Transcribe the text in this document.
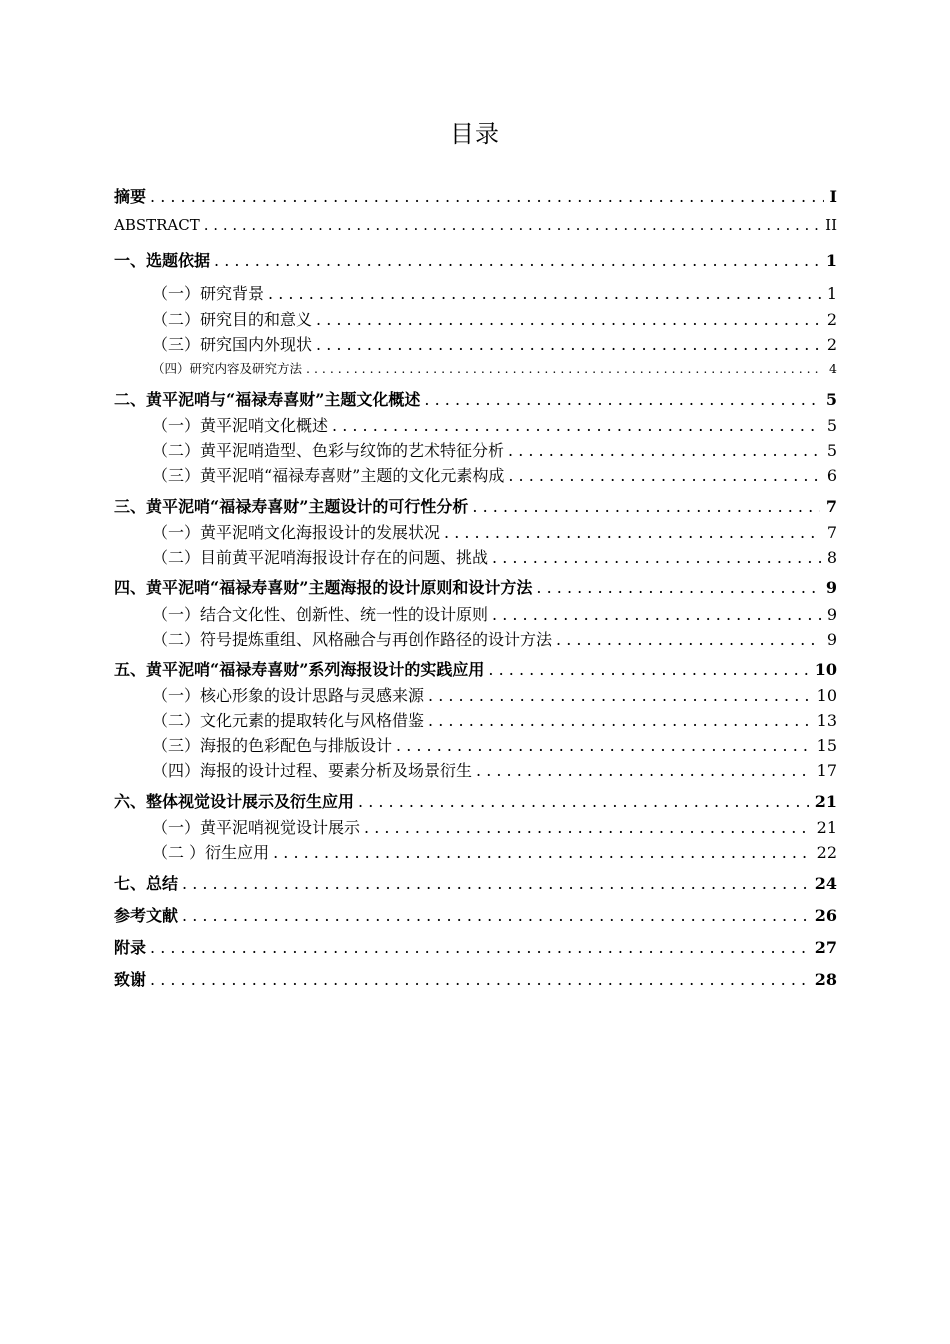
目录
摘要 . . .	I
ABSTRACT . . .	II
一、选题依据 . . .	1
（一）研究背景 . . .	1
（二）研究目的和意义 . . .	2
（三）研究国内外现状 . . .	2
（四）研究内容及研究方法 . . .	4
二、黄平泥哨与“福禄寿喜财”主题文化概述 . . .	5
（一）黄平泥哨文化概述 . . .	5
（二）黄平泥哨造型、色彩与纹饰的艺术特征分析 . . .	5
（三）黄平泥哨“福禄寿喜财”主题的文化元素构成 . . .	6
三、黄平泥哨“福禄寿喜财”主题设计的可行性分析 . . .	7
（一）黄平泥哨文化海报设计的发展状况 . . .	7
（二）目前黄平泥哨海报设计存在的问题、挑战 . . .	8
四、黄平泥哨“福禄寿喜财”主题海报的设计原则和设计方法 . . .	9
（一）结合文化性、创新性、统一性的设计原则 . . .	9
（二）符号提炼重组、风格融合与再创作路径的设计方法 . . .	9
五、黄平泥哨“福禄寿喜财”系列海报设计的实践应用 . . .	10
（一）核心形象的设计思路与灵感来源 . . .	10
（二）文化元素的提取转化与风格借鉴 . . .	13
（三）海报的色彩配色与排版设计 . . .	15
（四）海报的设计过程、要素分析及场景衍生 . . .	17
六、整体视觉设计展示及衍生应用 . . .	21
（一）黄平泥哨视觉设计展示 . . .	21
（二 ）衍生应用 . . .	22
七、总结 . . .	24
参考文献 . . .	26
附录 . . .	27
致谢 . . .	28
